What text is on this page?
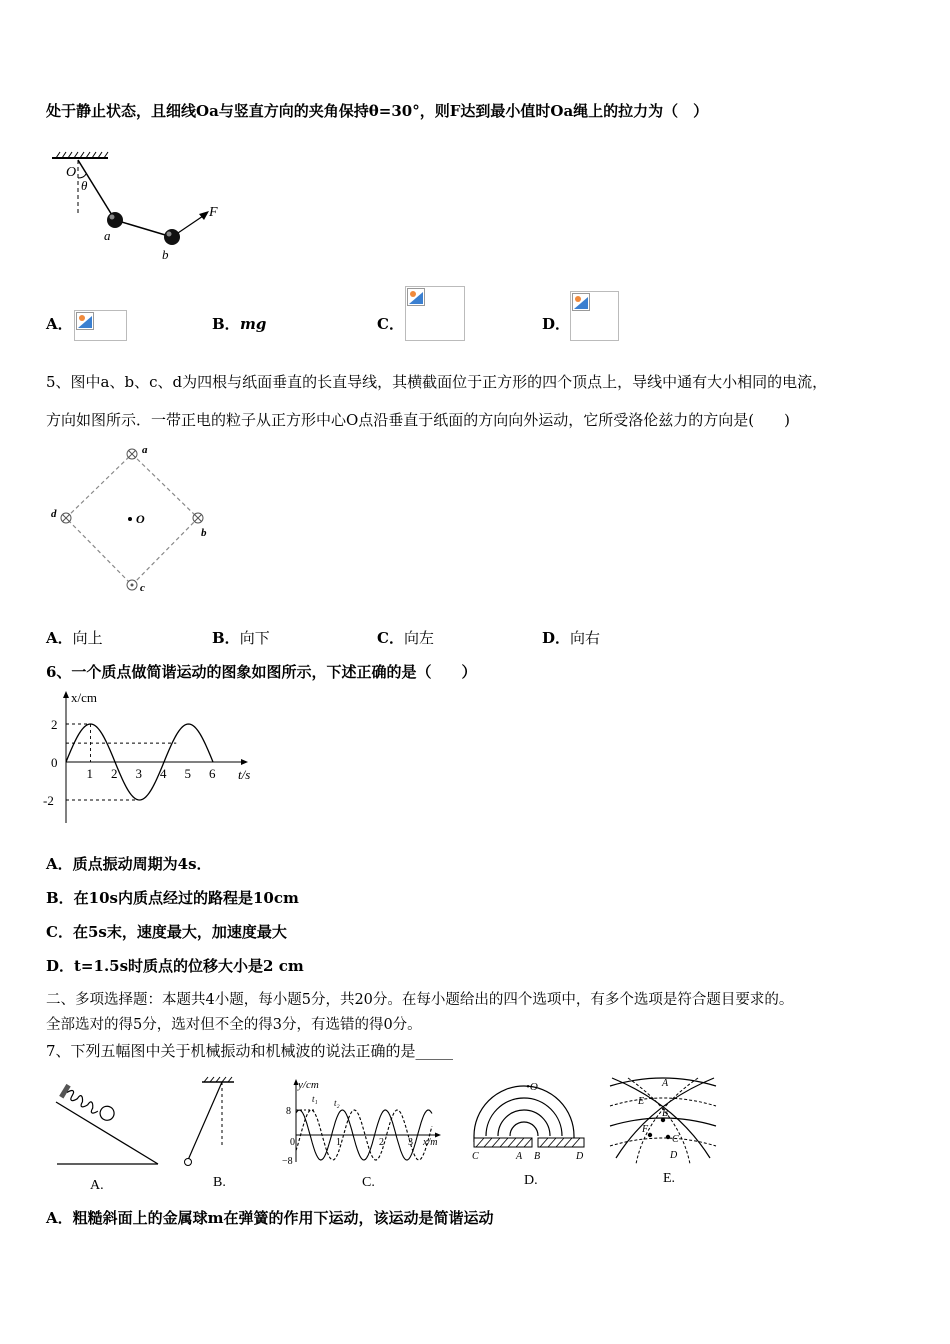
处于静止状态，且细线Oa与竖直方向的夹角保持θ=30°，则F达到最小值时Oa绳上的拉力为（　）
O
θ
a
b
F
A．	B． mg	C．	D．
5、图中a、b、c、d为四根与纸面垂直的长直导线，其横截面位于正方形的四个顶点上，导线中通有大小相同的电流，
方向如图所示．一带正电的粒子从正方形中心O点沿垂直于纸面的方向向外运动，它所受洛伦兹力的方向是(　　)
a
b
c
d	O
A．向上	B．向下	C．向左	D．向右
6、一个质点做简谐运动的图象如图所示，下述正确的是（　　）
1 2 3 4 5 6
2
0
-2
x/cm
t/s
A．质点振动周期为4s．
B．在10s内质点经过的路程是10cm
C．在5s末，速度最大，加速度最大
D．t=1.5s时质点的位移大小是2 cm
二、多项选择题：本题共4小题，每小题5分，共20分。在每小题给出的四个选项中，有多个选项是符合题目要求的。
全部选对的得5分，选对但不全的得3分，有选错的得0分。
7、下列五幅图中关于机械振动和机械波的说法正确的是_____
A.	B.
y/cm
t₁ t₂
8
−8
0	1	2 3 x/m
C.
•O
C	A B	D
D.
A
E
B
F
C
D
E.
A．粗糙斜面上的金属球m在弹簧的作用下运动，该运动是简谐运动
